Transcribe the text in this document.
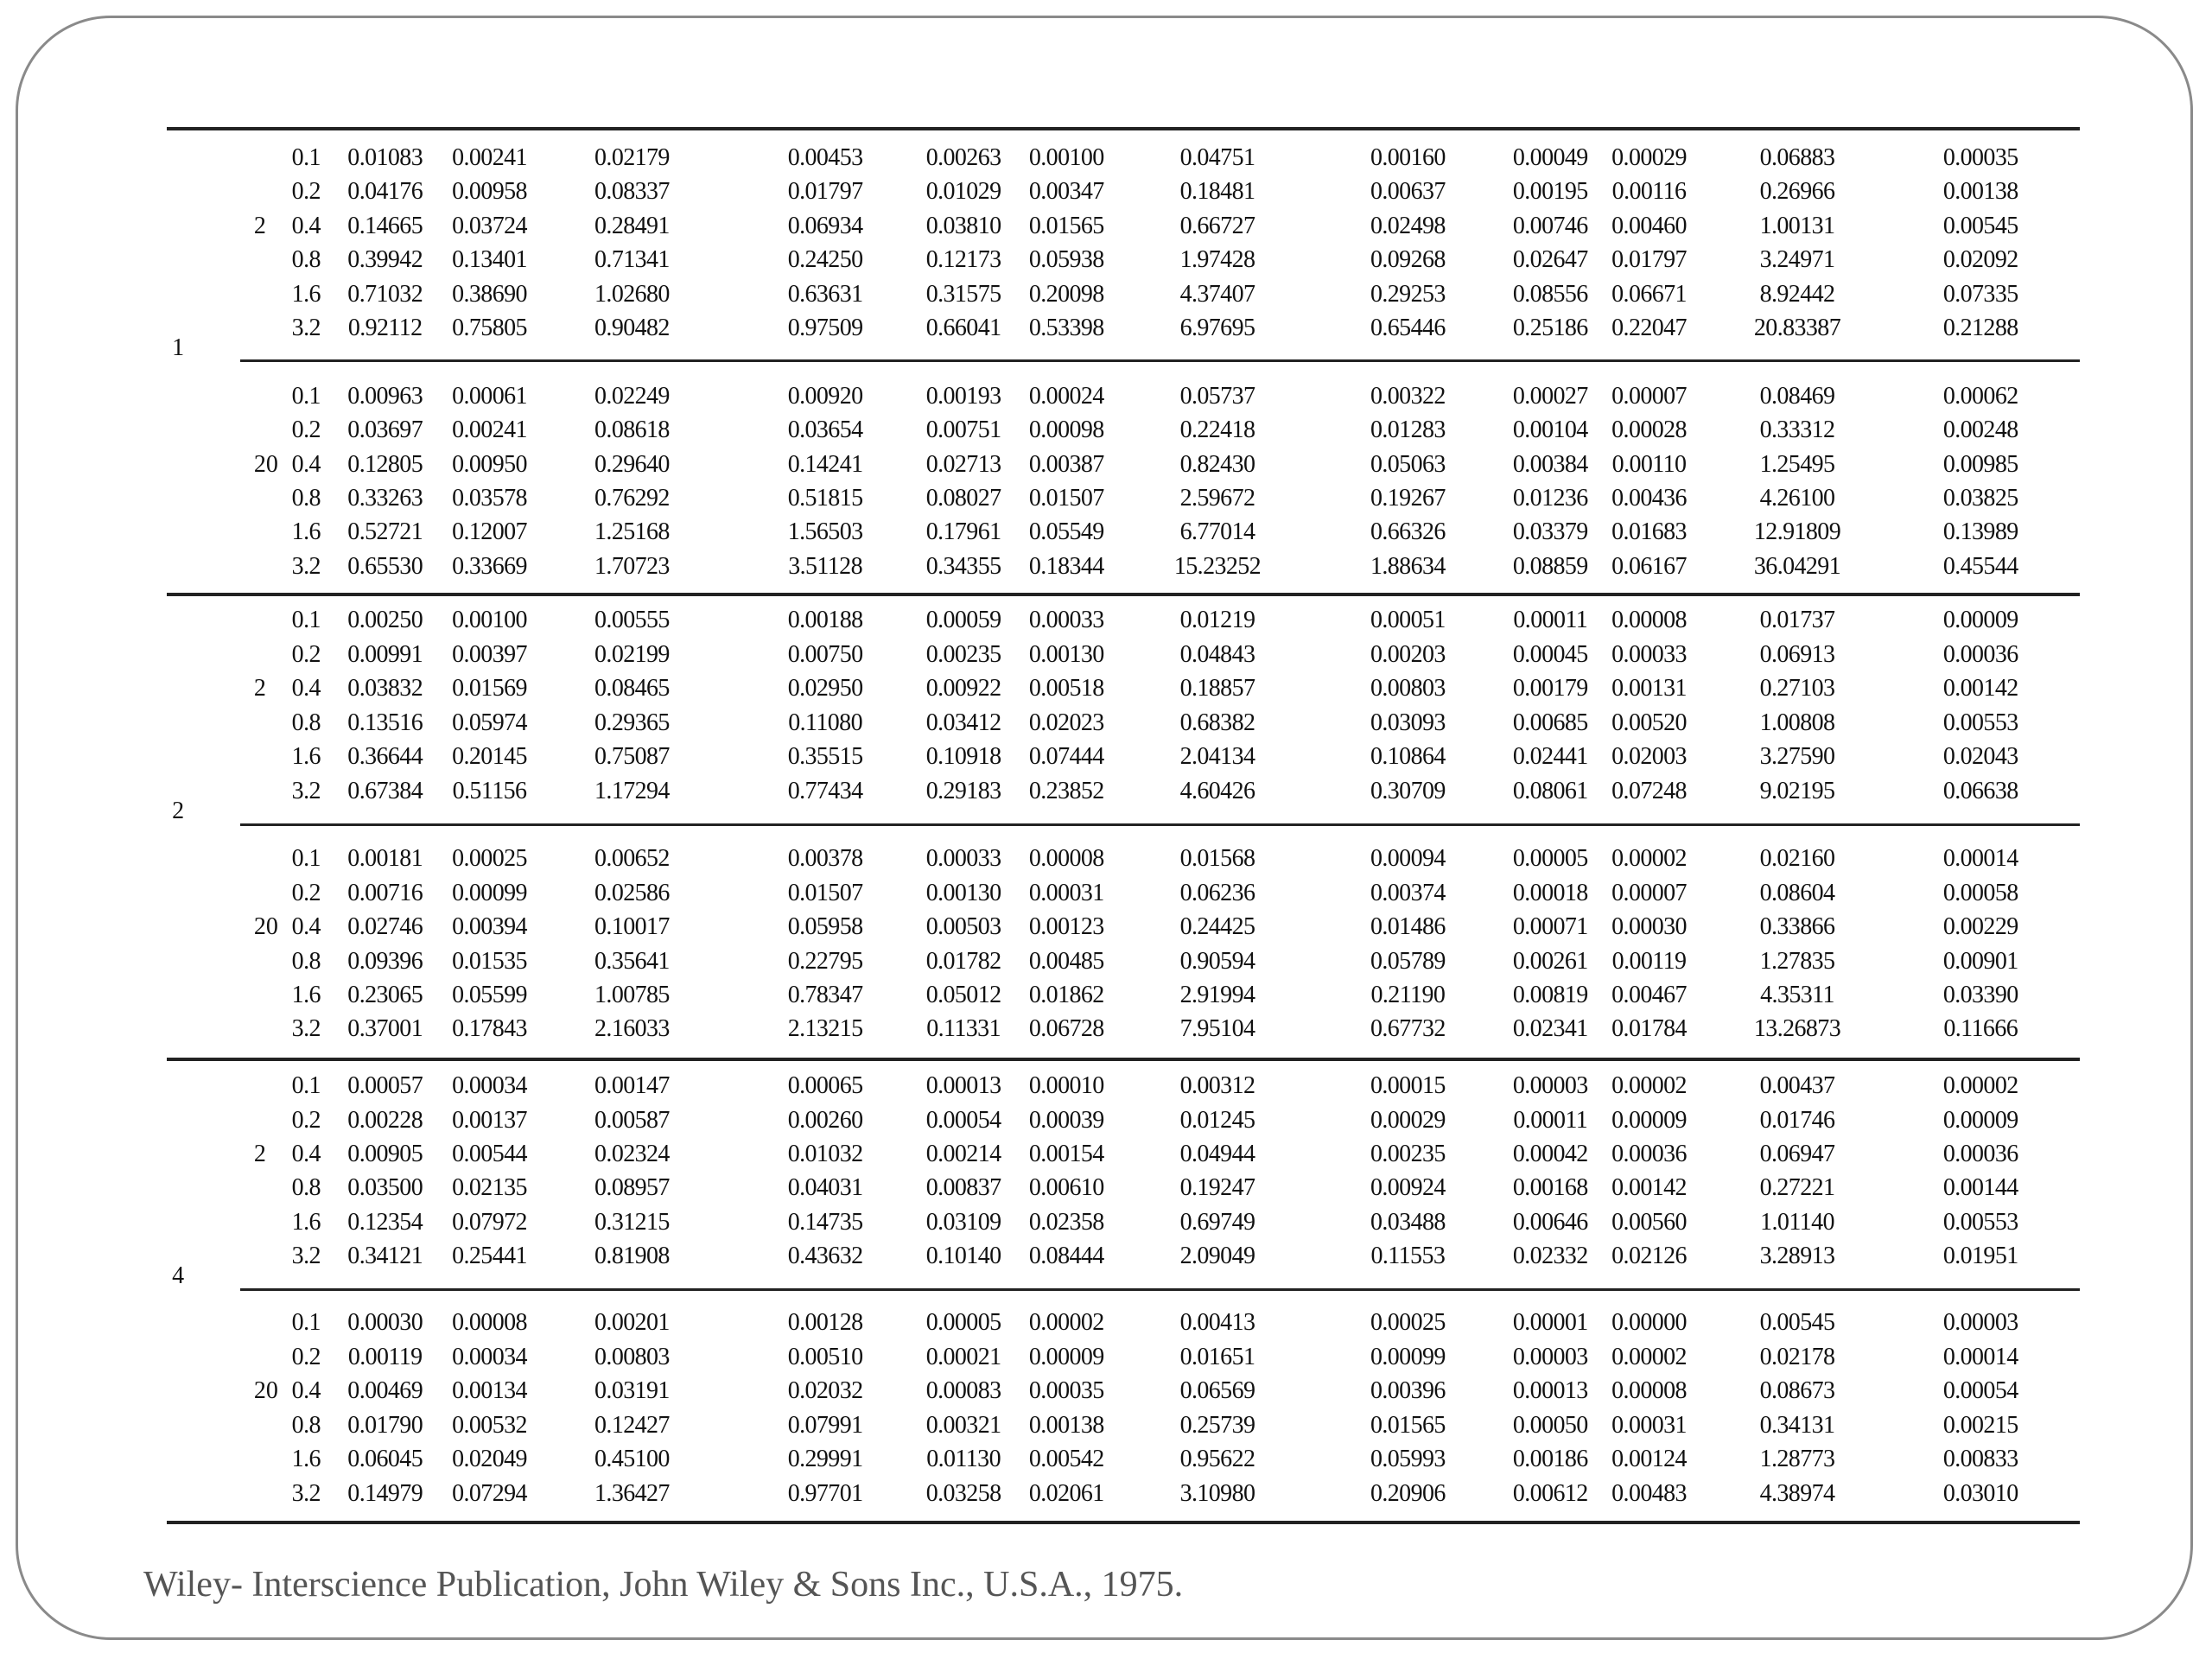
1
2
0.1 0.01083 0.00241	0.02179	0.00453	0.00263 0.00100	0.04751	0.00160	0.00049 0.00029	0.06883	0.00035
0.2 0.04176 0.00958	0.08337	0.01797	0.01029 0.00347	0.18481	0.00637	0.00195 0.00116	0.26966	0.00138
0.4 0.14665 0.03724	0.28491	0.06934	0.03810 0.01565	0.66727	0.02498	0.00746 0.00460	1.00131	0.00545
0.8 0.39942 0.13401	0.71341	0.24250	0.12173 0.05938	1.97428	0.09268	0.02647 0.01797	3.24971	0.02092
1.6 0.71032 0.38690	1.02680	0.63631	0.31575 0.20098	4.37407	0.29253	0.08556 0.06671	8.92442	0.07335
3.2 0.92112 0.75805	0.90482	0.97509	0.66041 0.53398	6.97695	0.65446	0.25186 0.22047	20.83387	0.21288
20
0.1 0.00963 0.00061	0.02249	0.00920	0.00193 0.00024	0.05737	0.00322	0.00027 0.00007	0.08469	0.00062
0.2 0.03697 0.00241	0.08618	0.03654	0.00751 0.00098	0.22418	0.01283	0.00104 0.00028	0.33312	0.00248
0.4 0.12805 0.00950	0.29640	0.14241	0.02713 0.00387	0.82430	0.05063	0.00384 0.00110	1.25495	0.00985
0.8 0.33263 0.03578	0.76292	0.51815	0.08027 0.01507	2.59672	0.19267	0.01236 0.00436	4.26100	0.03825
1.6 0.52721 0.12007	1.25168	1.56503	0.17961 0.05549	6.77014	0.66326	0.03379 0.01683	12.91809	0.13989
3.2 0.65530 0.33669	1.70723	3.51128	0.34355 0.18344	15.23252	1.88634	0.08859 0.06167	36.04291	0.45544
2
2
0.1 0.00250 0.00100	0.00555	0.00188	0.00059 0.00033	0.01219	0.00051	0.00011 0.00008	0.01737	0.00009
0.2 0.00991 0.00397	0.02199	0.00750	0.00235 0.00130	0.04843	0.00203	0.00045 0.00033	0.06913	0.00036
0.4 0.03832 0.01569	0.08465	0.02950	0.00922 0.00518	0.18857	0.00803	0.00179 0.00131	0.27103	0.00142
0.8 0.13516 0.05974	0.29365	0.11080	0.03412 0.02023	0.68382	0.03093	0.00685 0.00520	1.00808	0.00553
1.6 0.36644 0.20145	0.75087	0.35515	0.10918 0.07444	2.04134	0.10864	0.02441 0.02003	3.27590	0.02043
3.2 0.67384 0.51156	1.17294	0.77434	0.29183 0.23852	4.60426	0.30709	0.08061 0.07248	9.02195	0.06638
20
0.1 0.00181 0.00025	0.00652	0.00378	0.00033 0.00008	0.01568	0.00094	0.00005 0.00002	0.02160	0.00014
0.2 0.00716 0.00099	0.02586	0.01507	0.00130 0.00031	0.06236	0.00374	0.00018 0.00007	0.08604	0.00058
0.4 0.02746 0.00394	0.10017	0.05958	0.00503 0.00123	0.24425	0.01486	0.00071 0.00030	0.33866	0.00229
0.8 0.09396 0.01535	0.35641	0.22795	0.01782 0.00485	0.90594	0.05789	0.00261 0.00119	1.27835	0.00901
1.6 0.23065 0.05599	1.00785	0.78347	0.05012 0.01862	2.91994	0.21190	0.00819 0.00467	4.35311	0.03390
3.2 0.37001 0.17843	2.16033	2.13215	0.11331 0.06728	7.95104	0.67732	0.02341 0.01784	13.26873	0.11666
4
2
0.1 0.00057 0.00034	0.00147	0.00065	0.00013 0.00010	0.00312	0.00015	0.00003 0.00002	0.00437	0.00002
0.2 0.00228 0.00137	0.00587	0.00260	0.00054 0.00039	0.01245	0.00029	0.00011 0.00009	0.01746	0.00009
0.4 0.00905 0.00544	0.02324	0.01032	0.00214 0.00154	0.04944	0.00235	0.00042 0.00036	0.06947	0.00036
0.8 0.03500 0.02135	0.08957	0.04031	0.00837 0.00610	0.19247	0.00924	0.00168 0.00142	0.27221	0.00144
1.6 0.12354 0.07972	0.31215	0.14735	0.03109 0.02358	0.69749	0.03488	0.00646 0.00560	1.01140	0.00553
3.2 0.34121 0.25441	0.81908	0.43632	0.10140 0.08444	2.09049	0.11553	0.02332 0.02126	3.28913	0.01951
20
0.1 0.00030 0.00008	0.00201	0.00128	0.00005 0.00002	0.00413	0.00025	0.00001 0.00000	0.00545	0.00003
0.2 0.00119 0.00034	0.00803	0.00510	0.00021 0.00009	0.01651	0.00099	0.00003 0.00002	0.02178	0.00014
0.4 0.00469 0.00134	0.03191	0.02032	0.00083 0.00035	0.06569	0.00396	0.00013 0.00008	0.08673	0.00054
0.8 0.01790 0.00532	0.12427	0.07991	0.00321 0.00138	0.25739	0.01565	0.00050 0.00031	0.34131	0.00215
1.6 0.06045 0.02049	0.45100	0.29991	0.01130 0.00542	0.95622	0.05993	0.00186 0.00124	1.28773	0.00833
3.2 0.14979 0.07294	1.36427	0.97701	0.03258 0.02061	3.10980	0.20906	0.00612 0.00483	4.38974	0.03010
Wiley- Interscience Publication, John Wiley & Sons Inc., U.S.A., 1975.
